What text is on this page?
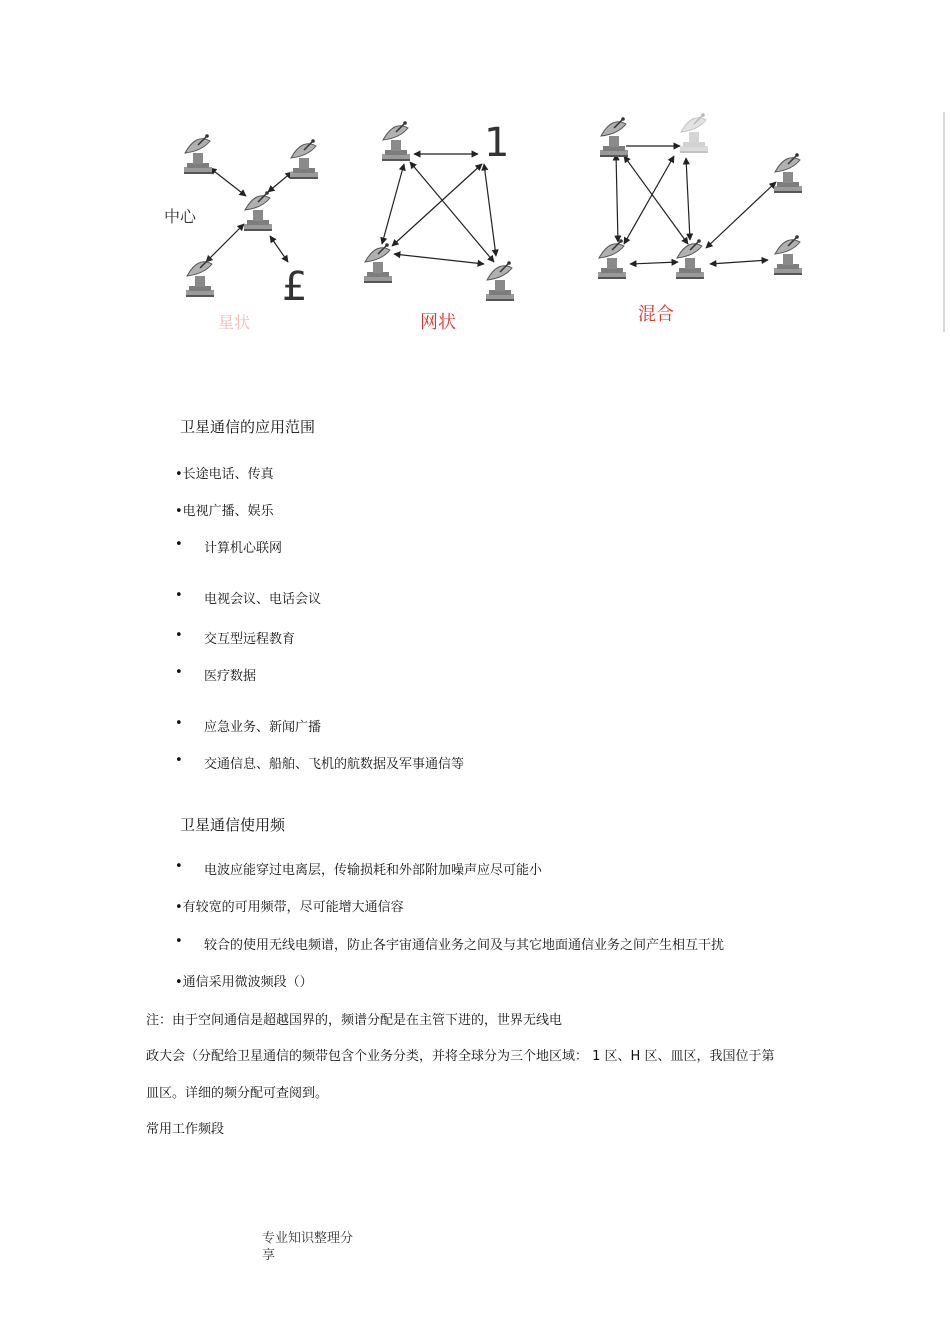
中心
£
星状
1
网状	混合
卫星通信的应用范围
• 长途电话、传真
• 电视广播、娱乐
• 计算机心联网
• 电视会议、电话会议
• 交互型远程教育
• 医疗数据
• 应急业务、新闻广播
• 交通信息、船舶、飞机的航数据及军事通信等
卫星通信使用频
• 电波应能穿过电离层，传输损耗和外部附加噪声应尽可能小
• 有较宽的可用频带，尽可能增大通信容
• 较合的使用无线电频谱，防止各宇宙通信业务之间及与其它地面通信业务之间产生相互干扰
• 通信采用微波频段（）
注：由于空间通信是超越国界的，频谱分配是在主管下进的，世界无线电
政大会（分配给卫星通信的频带包含个业务分类，并将全球分为三个地区域： 1 区、H 区、皿区，我国位于第
皿区。详细的频分配可查阅到。
常用工作频段
专业知识整理分
享
